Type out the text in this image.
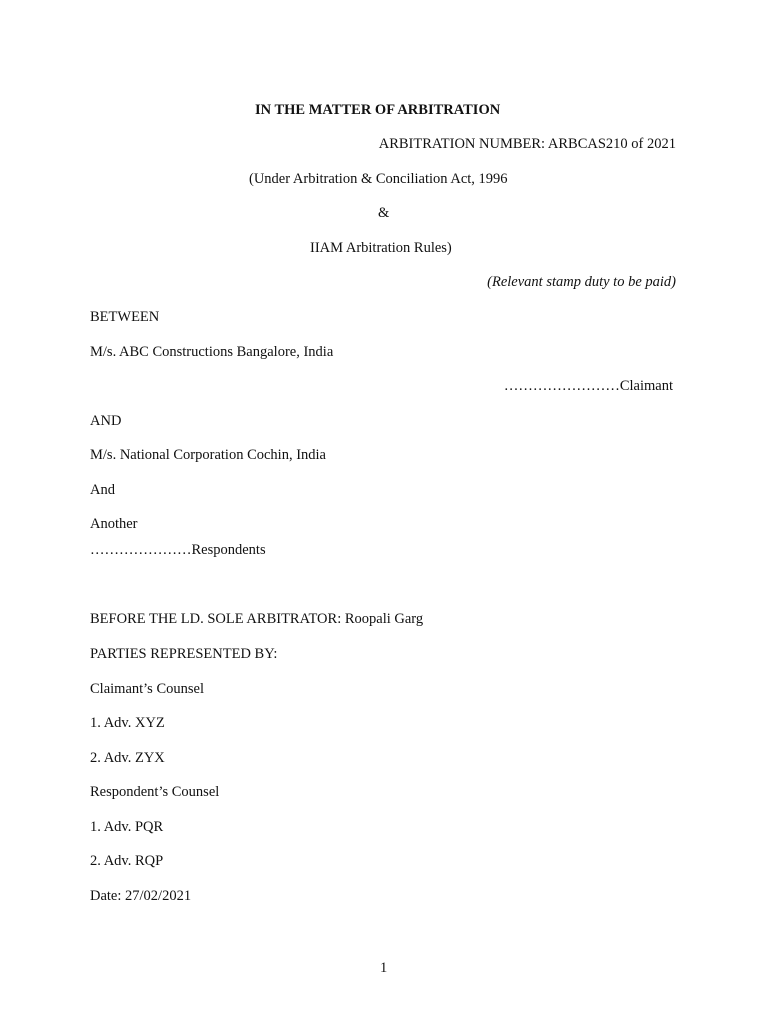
IN THE MATTER OF ARBITRATION
ARBITRATION NUMBER: ARBCAS210 of 2021
(Under Arbitration & Conciliation Act, 1996
&
IIAM Arbitration Rules)
(Relevant stamp duty to be paid)
BETWEEN
M/s. ABC Constructions Bangalore, India
……………………Claimant
AND
M/s. National Corporation Cochin, India
And
Another
…………………Respondents
BEFORE THE LD. SOLE ARBITRATOR: Roopali Garg
PARTIES REPRESENTED BY:
Claimant’s Counsel
1. Adv. XYZ
2. Adv. ZYX
Respondent’s Counsel
1. Adv. PQR
2. Adv. RQP
Date: 27/02/2021
1
